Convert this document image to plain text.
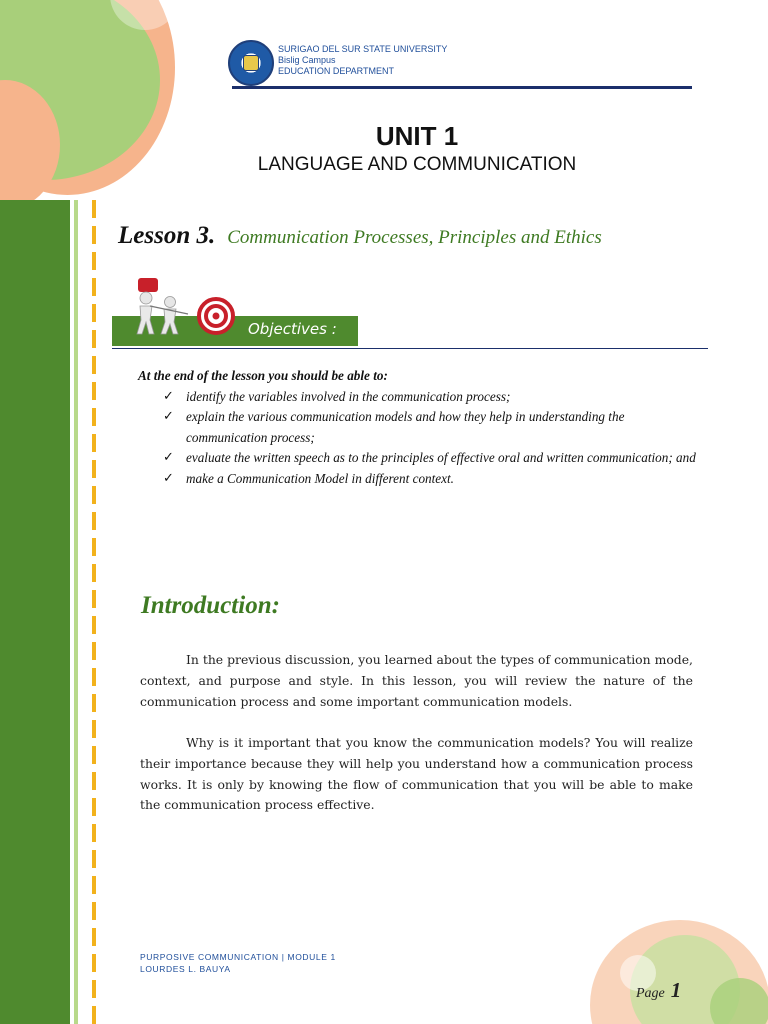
SURIGAO DEL SUR STATE UNIVERSITY
Bislig Campus
EDUCATION DEPARTMENT
UNIT 1
LANGUAGE AND COMMUNICATION
Lesson 3. Communication Processes, Principles and Ethics
Objectives :
At the end of the lesson you should be able to:
✓ identify the variables involved in the communication process;
✓ explain the various communication models and how they help in understanding the communication process;
✓ evaluate the written speech as to the principles of effective oral and written communication; and
✓ make a Communication Model in different context.
Introduction:

In the previous discussion, you learned about the types of communication mode, context, and purpose and style. In this lesson, you will review the nature of the communication process and some important communication models.

Why is it important that you know the communication models? You will realize their importance because they will help you understand how a communication process works. It is only by knowing the flow of communication that you will be able to make the communication process effective.

PURPOSIVE COMMUNICATION | MODULE 1
LOURDES L. BAUYA
Page 1
